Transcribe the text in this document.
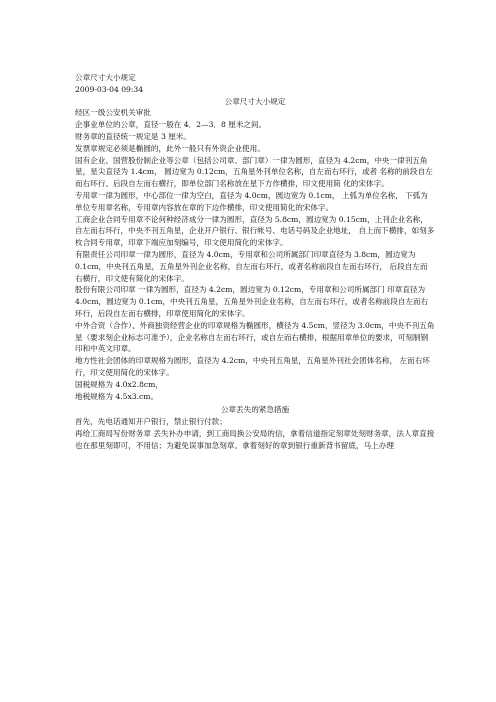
公章尺寸大小规定

2009-03-04 09:34

公章尺寸大小规定

经区一级公安机关审批

企事业单位的公章，直径一般在 4．2—3．8 厘米之间。

财务章的直径统一规定是 3 厘米。

发票章规定必须是椭圆的，此外一般只有外资企业使用。

国有企业、国营股份制企业等公章（包括公司章、部门章）一律为圆形，直径为 4.2cm，中央一律刊五角星，星尖直径为 1.4cm， 圆边宽为 0.12cm，五角星外刊单位名称，自左而右环行，或者 名称的前段自左而右环行、后段自左而右横行，即单位部门名称放在星下方作横排，印文使用简 化的宋体字。

专用章一律为圆形，中心部位一律为空白，直径为 4.0cm，圆边宽为 0.1cm， 上弧为单位名称， 下弧为单位专用章名称，专用章内容放在章的下边作横排，印文使用简化的宋体字。

工商企业合同专用章不论何种经济成分一律为圆形，直径为 5.8cm，圆边宽为 0.15cm，上刊企业名称，自左而右环行，中央不刊五角星，企业开户银行、银行帐号、电话号码及企业地址， 自上而下横排，如刻多枚合同专用章，印章下端应加刻编号，印文使用简化的宋体字。

有限责任公司印章一律为圆形，直径为 4.0cm，专用章和公司所属部门印章直径为 3.8cm，圆边宽为 0.1cm，中央刊五角星，五角星外刊企业名称，自左而右环行，或者名称前段自左而右环行， 后段自左而右横行，印文使有简化的宋体字。

股份有限公司印章 一律为圆形，直径为 4.2cm，圆边宽为 0.12cm，专用章和公司所属部门 印章直径为 4.0cm，圆边宽为 0.1cm，中央刊五角星，五角星外刊企业名称，自左而右环行，或者名称前段自左而右环行，后段自左而右横排，印章使用简化的宋体字。

中外合资（合作）、外商独资经营企业的印章规格为椭圆形，横径为 4.5cm，竖径为 3.0cm，中央不刊五角星（要求刻企业标志可准予），企业名称自左而右环行，或自左而右横排，根据用章单位的要求，可刻制钢印和中英文印章。

地方性社会团体的印章规格为圆形，直径为 4.2cm，中央刊五角星，五角星外刊社会团体名称， 左而右环行，印文使用简化的宋体字。

国税规格为 4.0x2.8cm，

地税规格为 4.5x3.cm。

公章丢失的紧急措施

首先，先电话通知开户银行，禁止银行付款；

再给工商局写份财务章 丢失补办申请，到工商局换公安局的信，拿着信道指定刻章处刻财务章，法人章直接也在那里刻即可，不用信；为避免误事加急刻章。拿着刻好的章到银行重新背书留底，马上办理
